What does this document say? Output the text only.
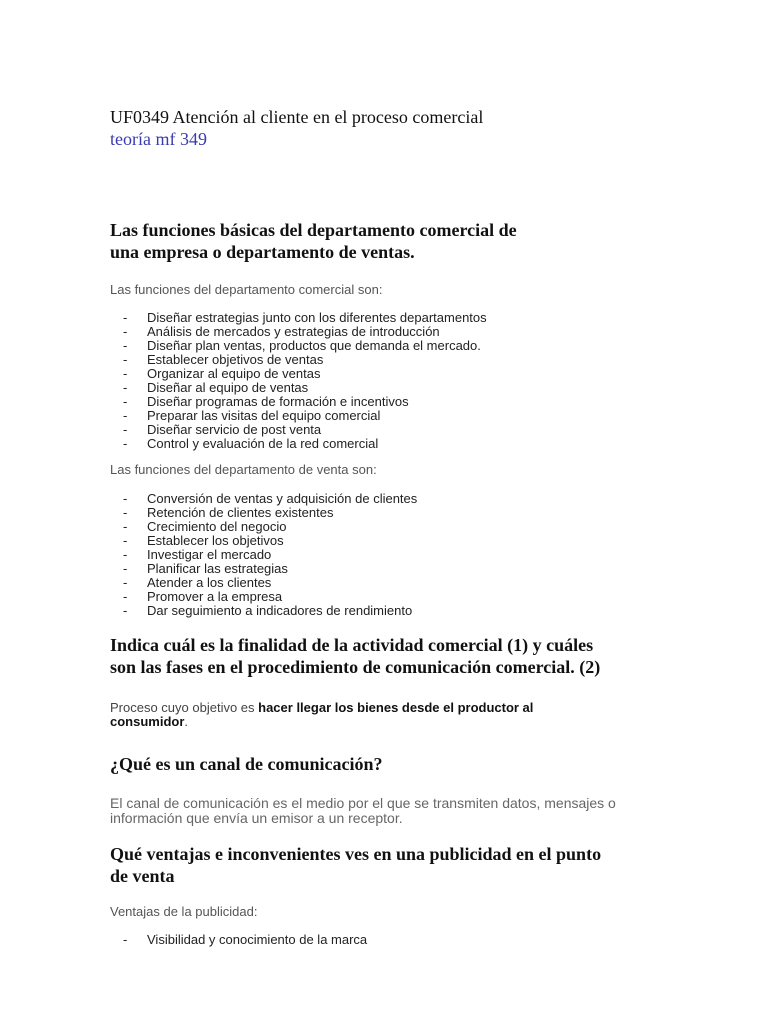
UF0349 Atención al cliente en el proceso comercial
teoría mf 349
Las funciones básicas del departamento comercial de
una empresa o departamento de ventas.
Las funciones del departamento comercial son:
- Diseñar estrategias junto con los diferentes departamentos
- Análisis de mercados y estrategias de introducción
- Diseñar plan ventas, productos que demanda el mercado.
- Establecer objetivos de ventas
- Organizar al equipo de ventas
- Diseñar al equipo de ventas
- Diseñar programas de formación e incentivos
- Preparar las visitas del equipo comercial
- Diseñar servicio de post venta
- Control y evaluación de la red comercial
Las funciones del departamento de venta son:
- Conversión de ventas y adquisición de clientes
- Retención de clientes existentes
- Crecimiento del negocio
- Establecer los objetivos
- Investigar el mercado
- Planificar las estrategias
- Atender a los clientes
- Promover a la empresa
- Dar seguimiento a indicadores de rendimiento
Indica cuál es la finalidad de la actividad comercial (1) y cuáles
son las fases en el procedimiento de comunicación comercial. (2)
Proceso cuyo objetivo es hacer llegar los bienes desde el productor al
consumidor.
¿Qué es un canal de comunicación?
El canal de comunicación es el medio por el que se transmiten datos, mensajes o
información que envía un emisor a un receptor.
Qué ventajas e inconvenientes ves en una publicidad en el punto
de venta
Ventajas de la publicidad:
- Visibilidad y conocimiento de la marca
